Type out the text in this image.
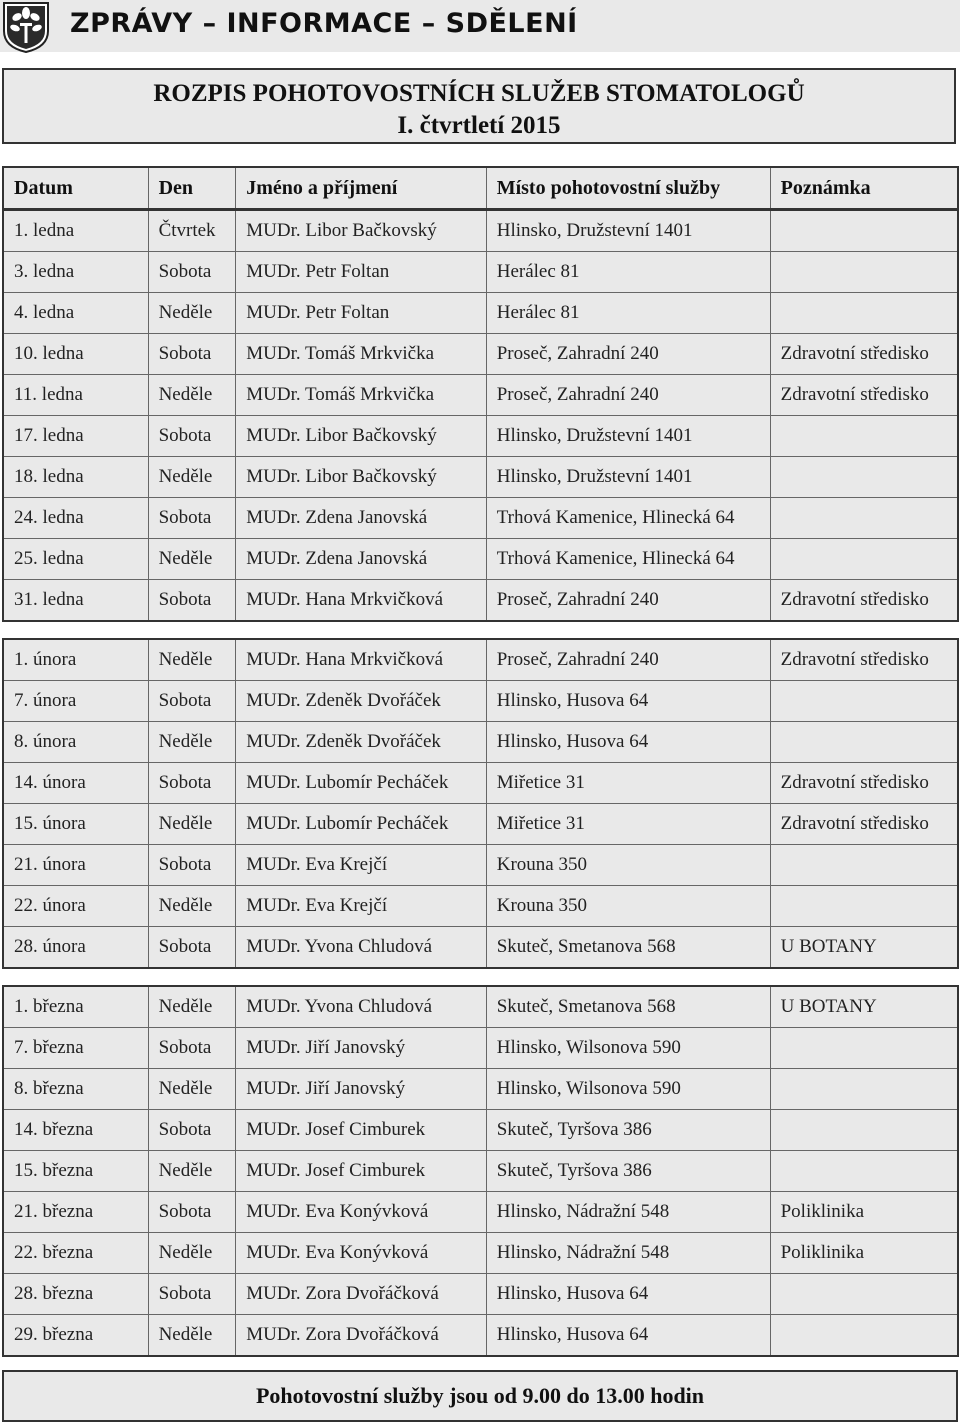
ZPRÁVY – INFORMACE – SDĚLENÍ
ROZPIS POHOTOVOSTNÍCH SLUŽEB STOMATOLOGŮ
I. čtvrtletí 2015
Datum	Den	Jméno a příjmení	Místo pohotovostní služby	Poznámka
1. ledna	Čtvrtek	MUDr. Libor Bačkovský	Hlinsko, Družstevní 1401	
3. ledna	Sobota	MUDr. Petr Foltan	Herálec 81	
4. ledna	Neděle	MUDr. Petr Foltan	Herálec 81	
10. ledna	Sobota	MUDr. Tomáš Mrkvička	Proseč, Zahradní 240	Zdravotní středisko
11. ledna	Neděle	MUDr. Tomáš Mrkvička	Proseč, Zahradní 240	Zdravotní středisko
17. ledna	Sobota	MUDr. Libor Bačkovský	Hlinsko, Družstevní 1401	
18. ledna	Neděle	MUDr. Libor Bačkovský	Hlinsko, Družstevní 1401	
24. ledna	Sobota	MUDr. Zdena Janovská	Trhová Kamenice, Hlinecká 64	
25. ledna	Neděle	MUDr. Zdena Janovská	Trhová Kamenice, Hlinecká 64	
31. ledna	Sobota	MUDr. Hana Mrkvičková	Proseč, Zahradní 240	Zdravotní středisko
1. února	Neděle	MUDr. Hana Mrkvičková	Proseč, Zahradní 240	Zdravotní středisko
7. února	Sobota	MUDr. Zdeněk Dvořáček	Hlinsko, Husova 64	
8. února	Neděle	MUDr. Zdeněk Dvořáček	Hlinsko, Husova 64	
14. února	Sobota	MUDr. Lubomír Pecháček	Miřetice 31	Zdravotní středisko
15. února	Neděle	MUDr. Lubomír Pecháček	Miřetice 31	Zdravotní středisko
21. února	Sobota	MUDr. Eva Krejčí	Krouna 350	
22. února	Neděle	MUDr. Eva Krejčí	Krouna 350	
28. února	Sobota	MUDr. Yvona Chludová	Skuteč, Smetanova 568	U BOTANY
1. března	Neděle	MUDr. Yvona Chludová	Skuteč, Smetanova 568	U BOTANY
7. března	Sobota	MUDr. Jiří Janovský	Hlinsko, Wilsonova 590	
8. března	Neděle	MUDr. Jiří Janovský	Hlinsko, Wilsonova 590	
14. března	Sobota	MUDr. Josef Cimburek	Skuteč, Tyršova 386	
15. března	Neděle	MUDr. Josef Cimburek	Skuteč, Tyršova 386	
21. března	Sobota	MUDr. Eva Konývková	Hlinsko, Nádražní 548	Poliklinika
22. března	Neděle	MUDr. Eva Konývková	Hlinsko, Nádražní 548	Poliklinika
28. března	Sobota	MUDr. Zora Dvořáčková	Hlinsko, Husova 64	
29. března	Neděle	MUDr. Zora Dvořáčková	Hlinsko, Husova 64	
Pohotovostní služby jsou od 9.00 do 13.00 hodin
